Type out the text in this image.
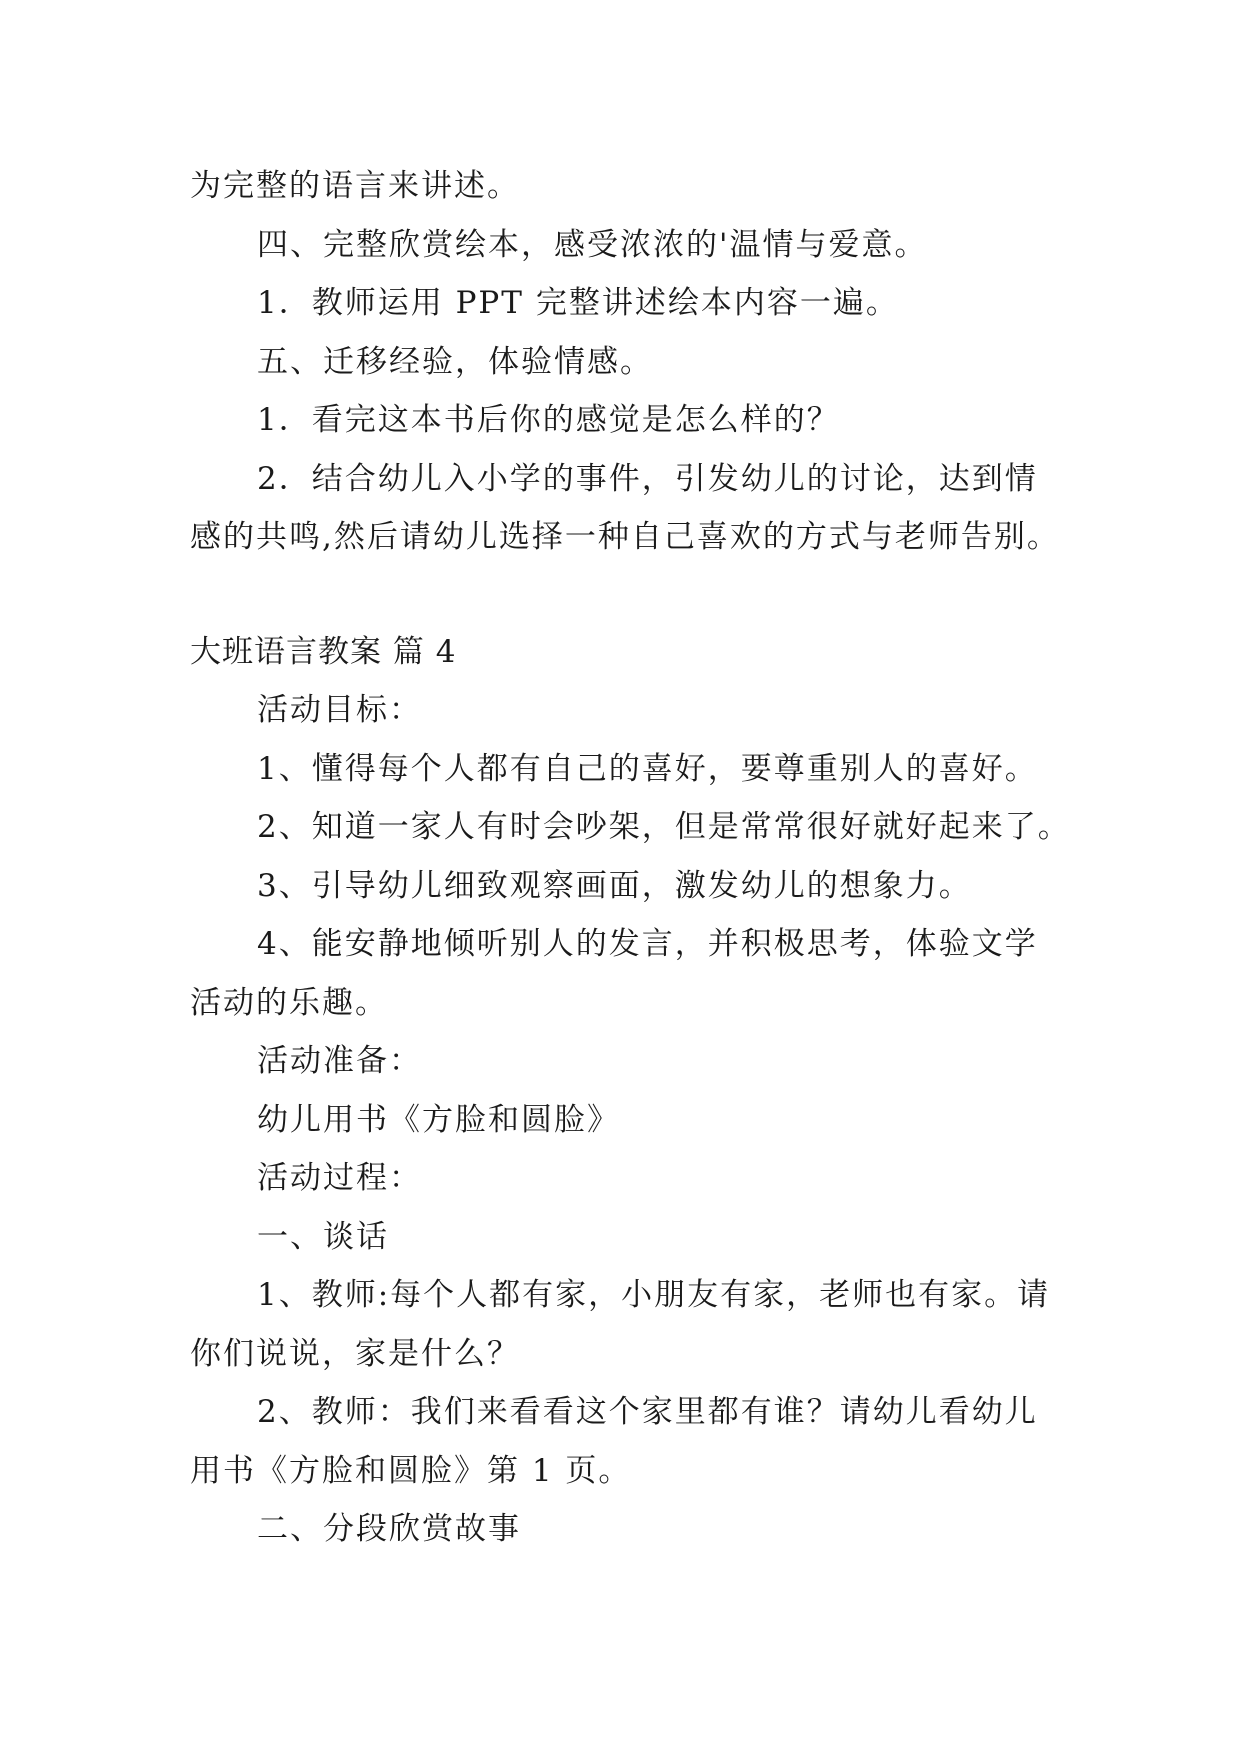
为完整的语言来讲述。
四、完整欣赏绘本，感受浓浓的'温情与爱意。
1．教师运用 PPT 完整讲述绘本内容一遍。
五、迁移经验，体验情感。
1．看完这本书后你的感觉是怎么样的？
2．结合幼儿入小学的事件，引发幼儿的讨论，达到情
感的共鸣,然后请幼儿选择一种自己喜欢的方式与老师告别。
大班语言教案 篇 4
活动目标：
1、懂得每个人都有自己的喜好，要尊重别人的喜好。
2、知道一家人有时会吵架，但是常常很好就好起来了。
3、引导幼儿细致观察画面，激发幼儿的想象力。
4、能安静地倾听别人的发言，并积极思考，体验文学
活动的乐趣。
活动准备：
幼儿用书《方脸和圆脸》
活动过程：
一、谈话
1、教师:每个人都有家，小朋友有家，老师也有家。请
你们说说，家是什么？
2、教师：我们来看看这个家里都有谁？请幼儿看幼儿
用书《方脸和圆脸》第 1 页。
二、分段欣赏故事
